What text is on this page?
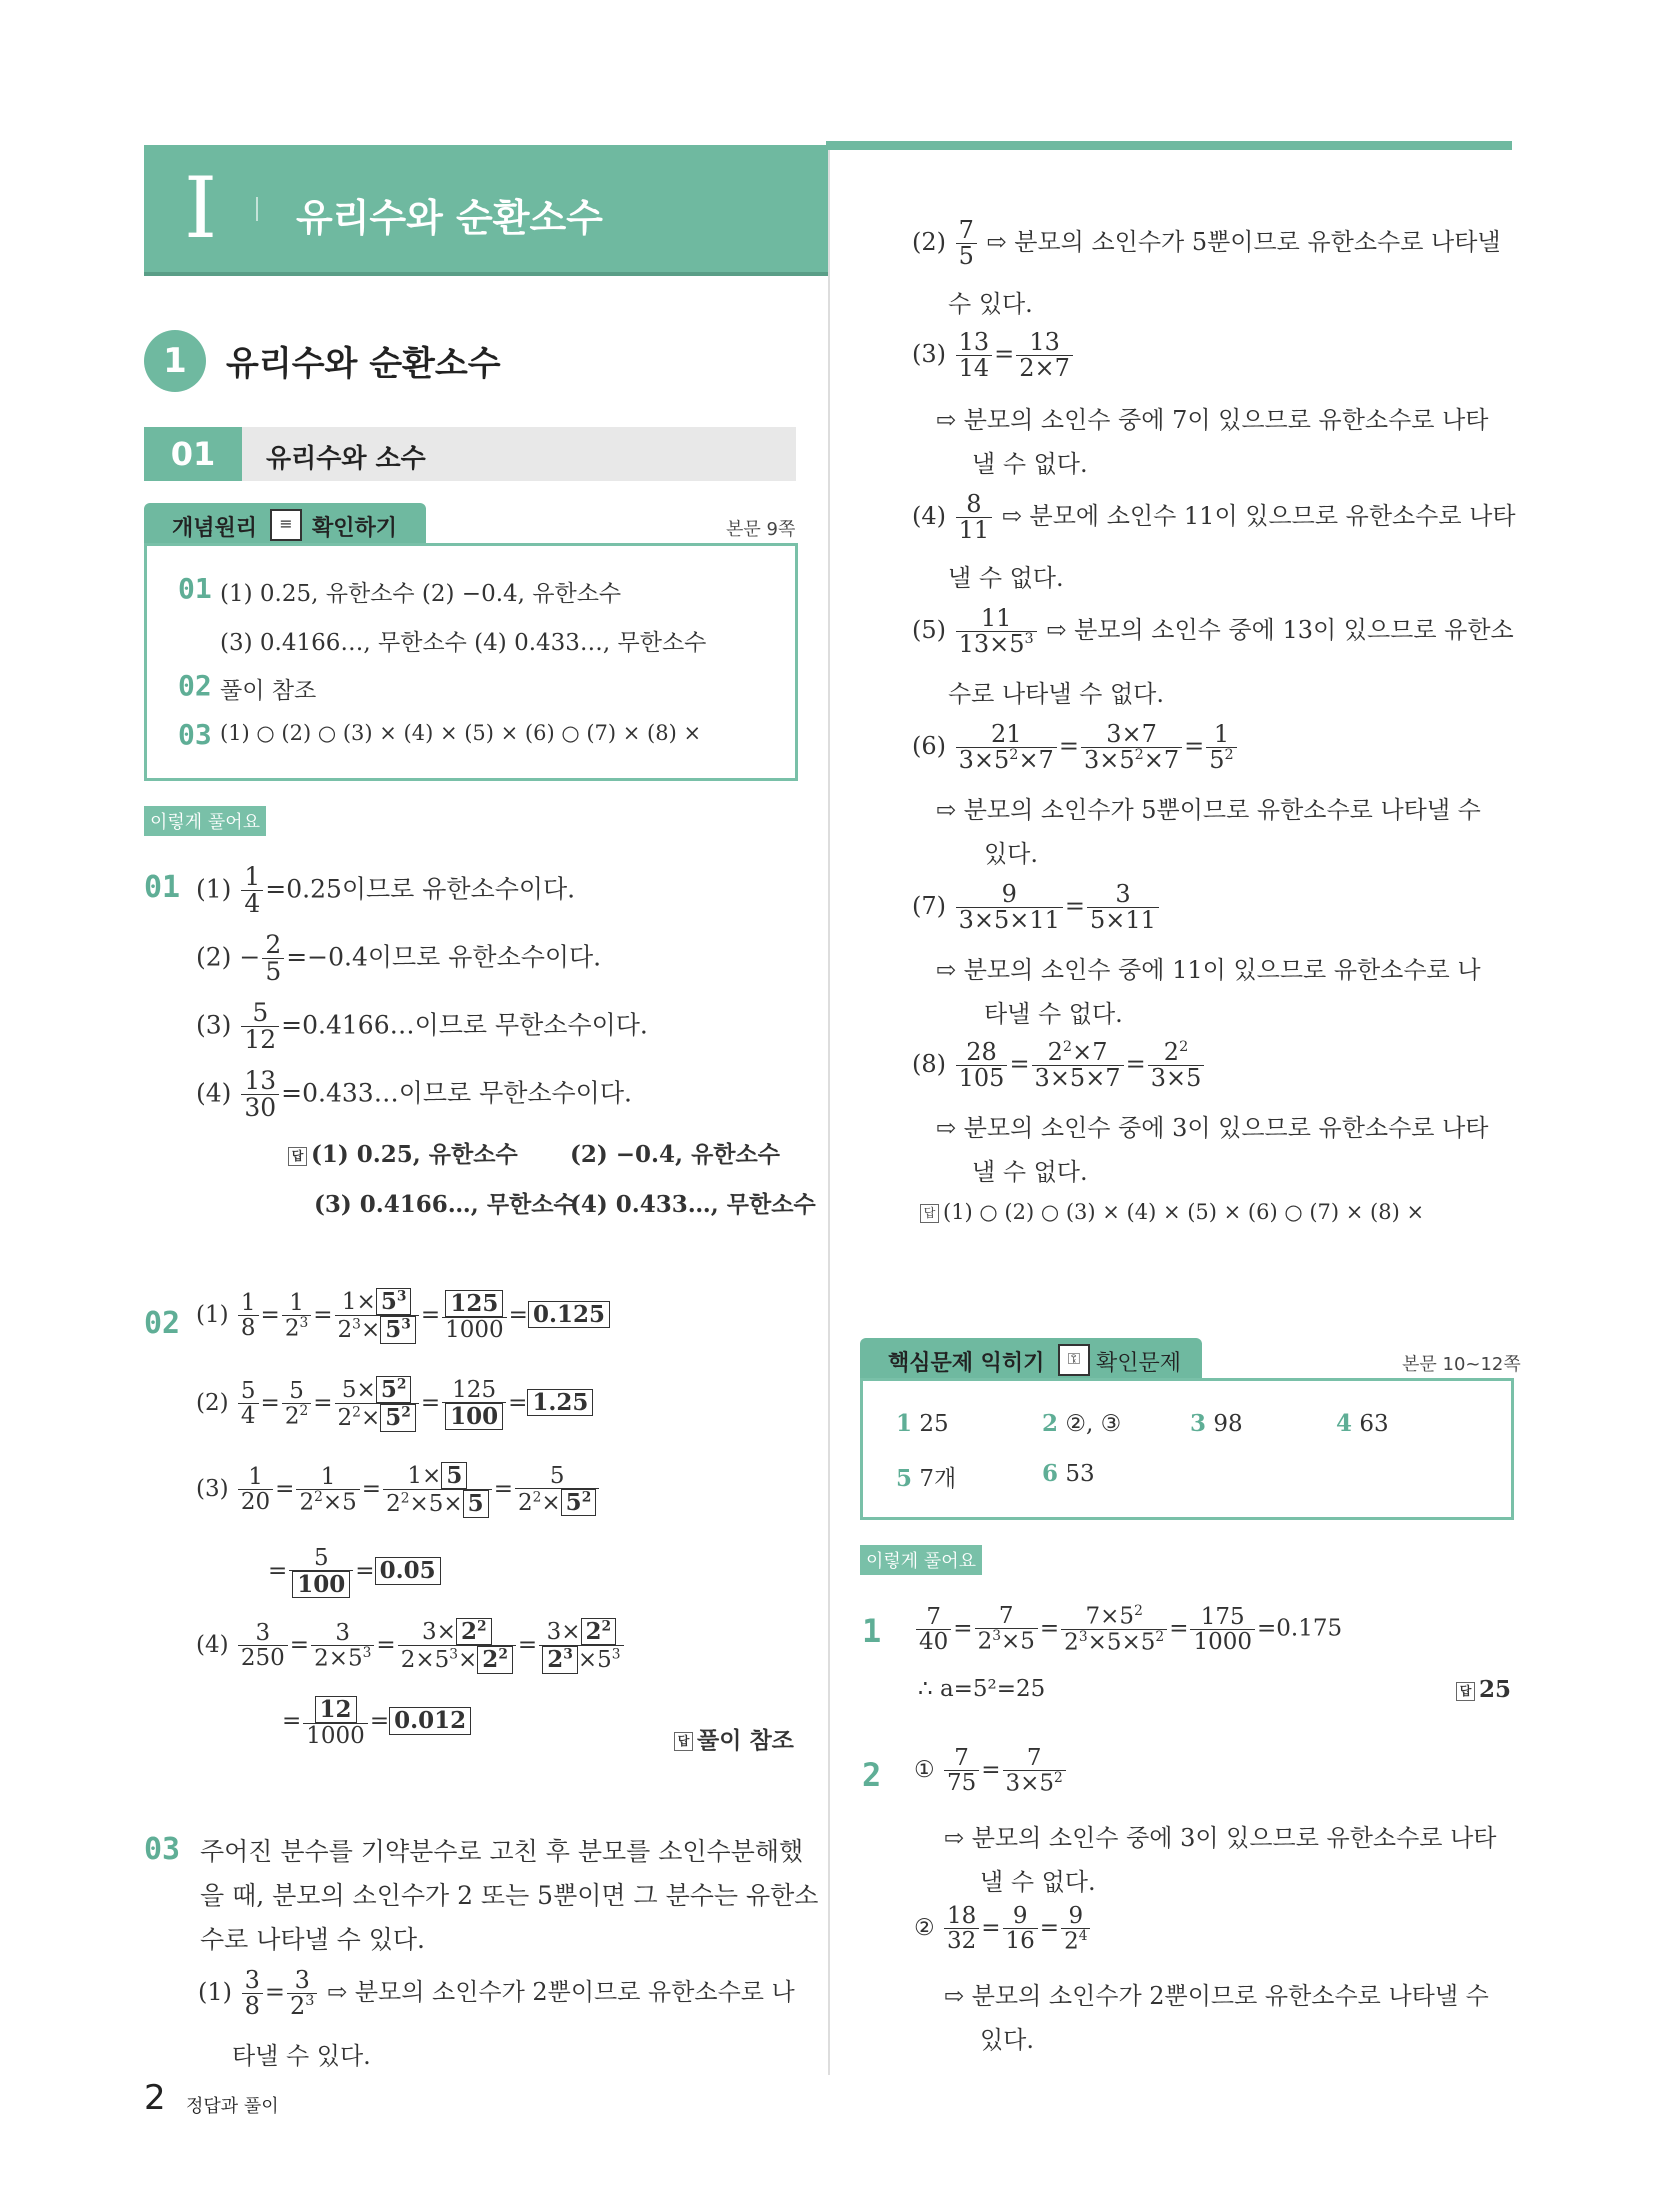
I 유리수와 순환소수
1	유리수와 순환소수
01	유리수와 소수
개념원리	≡ 확인하기	본문 9쪽
01 (1) 0.25, 유한소수 (2) −0.4, 유한소수
(3) 0.4166…, 무한소수 (4) 0.433…, 무한소수
02 풀이 참조
03 (1) ○ (2) ○ (3) × (4) × (5) × (6) ○ (7) × (8) ×
이렇게 풀어요
01 $(1) \frac{1}{4} =0.25$이므로 유한소수이다.
$(2) - \frac{2}{5} =-0.4$이므로 유한소수이다.
$(3) \frac{5}{12}$ =0.4166…이므로 무한소수이다.
$(4) \frac{13}{30}$ =0.433…이므로 무한소수이다.
답 (1) 0.25, 유한소수 (2) −0.4, 유한소수
(3) 0.4166…, 무한소수
(4) 0.433…, 무한소수
02 $(1) \frac{1}{8} = \frac{1}{2^3} = \frac{1\times 5^3}{2^3\times 5^3} = \frac{125}{1000} = 0.125$
$(2) \frac{5}{4} = \frac{5}{2^2} = \frac{5\times 5^2}{2^2\times 5^2} = \frac{125}{100} = 1.25$
$(3) \frac{1}{20} = \frac{1}{2^2\times 5} = \frac{1\times 5}{2^2\times 5\times 5} = \frac{5}{2^2\times 5^2}$
= $\frac{5}{100} = 0.05$
$(4) \frac{3}{250} = \frac{3}{2\times 5^3} = \frac{3\times 2^2}{2\times 5^3\times 2^2} = \frac{3\times 2^2}{2^3 \times 5^3}$
= $\frac{12}{1000} = 0.012$
답 풀이 참조
03 주어진 분수를 기약분수로 고친 후 분모를 소인수분해했
을 때, 분모의 소인수가 2 또는 5뿐이면 그 분수는 유한소
수로 나타낼 수 있다.
$(1) \frac{3}{8} = \frac{3}{2^3}$ ⇨ 분모의 소인수가 2뿐이므로 유한소수로 나
타낼 수 있다.
2 정답과 풀이
$(2) \frac{7}{5}$ ⇨ 분모의 소인수가 5뿐이므로 유한소수로 나타낼
수 있다.
$(3) \frac{13}{14} = \frac{13}{2\times 7}$
⇨ 분모의 소인수 중에 7이 있으므로 유한소수로 나타
낼 수 없다.
$(4) \frac{8}{11}$ ⇨ 분모에 소인수 11이 있으므로 유한소수로 나타
낼 수 없다.
$(5) \frac{11}{13\times 5^3}$ ⇨ 분모의 소인수 중에 13이 있으므로 유한소
수로 나타낼 수 없다.
$(6) \frac{21}{3\times 5^2\times 7} = \frac{3\times 7}{3\times 5^2\times 7} = \frac{1}{5^2}$
⇨ 분모의 소인수가 5뿐이므로 유한소수로 나타낼 수
있다.
$(7) \frac{9}{3\times 5\times 11} = \frac{3}{5\times 11}$
⇨ 분모의 소인수 중에 11이 있으므로 유한소수로 나
타낼 수 없다.
$(8) \frac{28}{105} = \frac{2^2\times 7}{3\times 5\times 7} = \frac{2^2}{3\times 5}$
⇨ 분모의 소인수 중에 3이 있으므로 유한소수로 나타
낼 수 없다.
답 (1) ○ (2) ○ (3) × (4) × (5) × (6) ○ (7) × (8) ×
핵심문제 익히기	⚿ 확인문제	본문 10~12쪽
1 25	2 ②, ③	3 98	4 63
5 7개	6 53
이렇게 풀어요
$1 \frac{7}{40} = \frac{7}{2^3\times 5} = \frac{7\times 5^2}{2^3\times 5\times 5^2} = \frac{175}{1000} =0.175$
∴ a=5²=25	답 25
2 ① $\frac{7}{75} = \frac{7}{3\times 5^2}$
⇨ 분모의 소인수 중에 3이 있으므로 유한소수로 나타
낼 수 없다.
② $\frac{18}{32} = \frac{9}{16} = \frac{9}{2^4}$
⇨ 분모의 소인수가 2뿐이므로 유한소수로 나타낼 수
있다.
